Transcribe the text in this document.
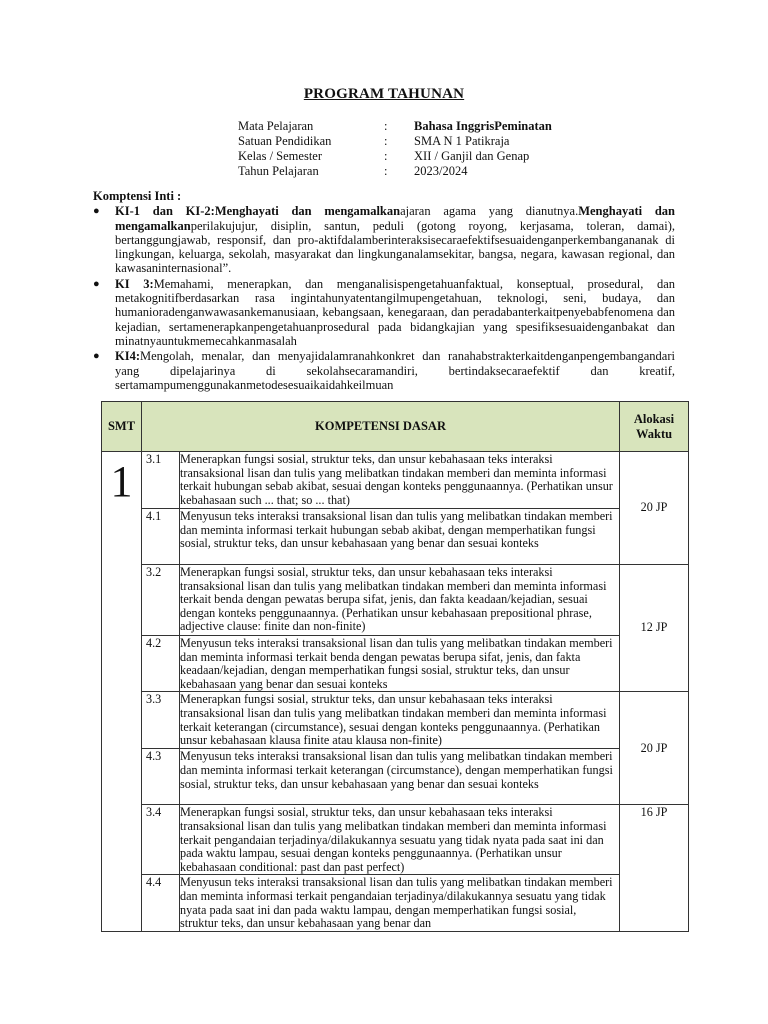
PROGRAM TAHUNAN
Mata Pelajaran	:	Bahasa InggrisPeminatan
Satuan Pendidikan	:	SMA N 1 Patikraja
Kelas / Semester	:	XII / Ganjil dan Genap
Tahun Pelajaran	:	2023/2024
Komptensi Inti :
● KI-1 dan KI-2:Menghayati dan mengamalkanajaran agama yang dianutnya.Menghayati dan mengamalkanperilakujujur, disiplin, santun, peduli (gotong royong, kerjasama, toleran, damai), bertanggungjawab, responsif, dan pro-aktifdalamberinteraksisecaraefektifsesuaidenganperkembangananak di lingkungan, keluarga, sekolah, masyarakat dan lingkunganalamsekitar, bangsa, negara, kawasan regional, dan kawasaninternasional”.
● KI 3:Memahami, menerapkan, dan menganalisispengetahuanfaktual, konseptual, prosedural, dan metakognitifberdasarkan rasa ingintahunyatentangilmupengetahuan, teknologi, seni, budaya, dan humanioradenganwawasankemanusiaan, kebangsaan, kenegaraan, dan peradabanterkaitpenyebabfenomena dan kejadian, sertamenerapkanpengetahuanprosedural pada bidangkajian yang spesifiksesuaidenganbakat dan minatnyauntukmemecahkanmasalah
● KI4:Mengolah, menalar, dan menyajidalamranahkonkret dan ranahabstrakterkaitdenganpengembangandari yang dipelajarinya di sekolahsecaramandiri, bertindaksecaraefektif dan kreatif, sertamampumenggunakanmetodesesuaikaidahkeilmuan
SMT	KOMPETENSI DASAR		Alokasi Waktu

1	3.1	Menerapkan fungsi sosial, struktur teks, dan unsur kebahasaan teks interaksi transaksional lisan dan tulis yang melibatkan tindakan memberi dan meminta informasi terkait hubungan sebab akibat, sesuai dengan konteks penggunaannya. (Perhatikan unsur kebahasaan such ... that; so ... that)	20 JP
	4.1	Menyusun teks interaksi transaksional lisan dan tulis yang melibatkan tindakan memberi dan meminta informasi terkait hubungan sebab akibat, dengan memperhatikan fungsi sosial, struktur teks, dan unsur kebahasaan yang benar dan sesuai konteks	
	3.2	Menerapkan fungsi sosial, struktur teks, dan unsur kebahasaan teks interaksi transaksional lisan dan tulis yang melibatkan tindakan memberi dan meminta informasi terkait benda dengan pewatas berupa sifat, jenis, dan fakta keadaan/kejadian, sesuai dengan konteks penggunaannya. (Perhatikan unsur kebahasaan prepositional phrase, adjective clause: finite dan non-finite)	12 JP
	4.2	Menyusun teks interaksi transaksional lisan dan tulis yang melibatkan tindakan memberi dan meminta informasi terkait benda dengan pewatas berupa sifat, jenis, dan fakta keadaan/kejadian, dengan memperhatikan fungsi sosial, struktur teks, dan unsur kebahasaan yang benar dan sesuai konteks	
	3.3	Menerapkan fungsi sosial, struktur teks, dan unsur kebahasaan teks interaksi transaksional lisan dan tulis yang melibatkan tindakan memberi dan meminta informasi terkait keterangan (circumstance), sesuai dengan konteks penggunaannya. (Perhatikan unsur kebahasaan klausa finite atau klausa non-finite)	20 JP
	4.3	Menyusun teks interaksi transaksional lisan dan tulis yang melibatkan tindakan memberi dan meminta informasi terkait keterangan (circumstance), dengan memperhatikan fungsi sosial, struktur teks, dan unsur kebahasaan yang benar dan sesuai konteks	
	3.4	Menerapkan fungsi sosial, struktur teks, dan unsur kebahasaan teks interaksi transaksional lisan dan tulis yang melibatkan tindakan memberi dan meminta informasi terkait pengandaian terjadinya/dilakukannya sesuatu yang tidak nyata pada saat ini dan pada waktu lampau, sesuai dengan konteks penggunaannya. (Perhatikan unsur kebahasaan conditional: past dan past perfect)	16 JP
	4.4	Menyusun teks interaksi transaksional lisan dan tulis yang melibatkan tindakan memberi dan meminta informasi terkait pengandaian terjadinya/dilakukannya sesuatu yang tidak nyata pada saat ini dan pada waktu lampau, dengan memperhatikan fungsi sosial, struktur teks, dan unsur kebahasaan yang benar dan	
